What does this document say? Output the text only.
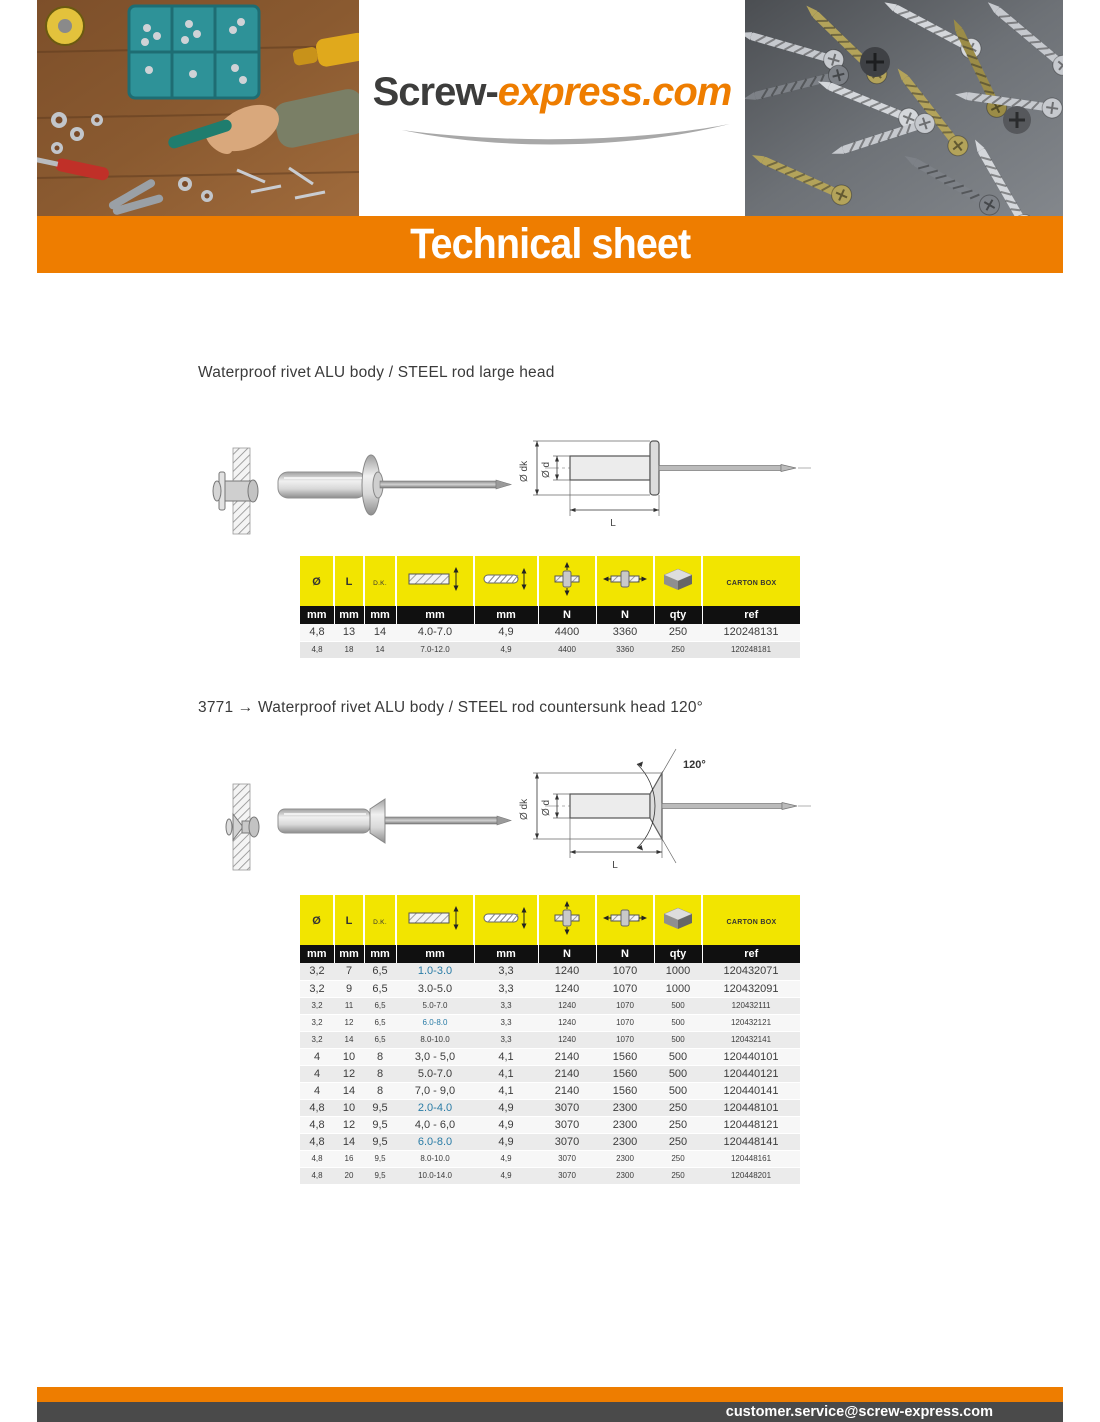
Screw-express.com
Technical sheet
Waterproof rivet ALU body / STEEL rod large head
Ø d
Ø dk
L
Ø	L	D.K.						CARTON BOX
mm	mm	mm	mm	mm	N	N	qty	ref
4,8	13	14	4.0-7.0	4,9	4400	3360	250	120248131
4,8	18	14	7.0-12.0	4,9	4400	3360	250	120248181
3771 → Waterproof rivet ALU body / STEEL rod countersunk head 120°
120°
Ø d
Ø dk
L
Ø	L	D.K.						CARTON BOX
mm	mm	mm	mm	mm	N	N	qty	ref
3,2	7	6,5	1.0-3.0	3,3	1240	1070	1000	120432071
3,2	9	6,5	3.0-5.0	3,3	1240	1070	1000	120432091
3,2	11	6,5	5.0-7.0	3,3	1240	1070	500	120432111
3,2	12	6,5	6.0-8.0	3,3	1240	1070	500	120432121
3,2	14	6,5	8.0-10.0	3,3	1240	1070	500	120432141
4	10	8	3,0 - 5,0	4,1	2140	1560	500	120440101
4	12	8	5.0-7.0	4,1	2140	1560	500	120440121
4	14	8	7,0 - 9,0	4,1	2140	1560	500	120440141
4,8	10	9,5	2.0-4.0	4,9	3070	2300	250	120448101
4,8	12	9,5	4,0 - 6,0	4,9	3070	2300	250	120448121
4,8	14	9,5	6.0-8.0	4,9	3070	2300	250	120448141
4,8	16	9,5	8.0-10.0	4,9	3070	2300	250	120448161
4,8	20	9,5	10.0-14.0	4,9	3070	2300	250	120448201
customer.service@screw-express.com
